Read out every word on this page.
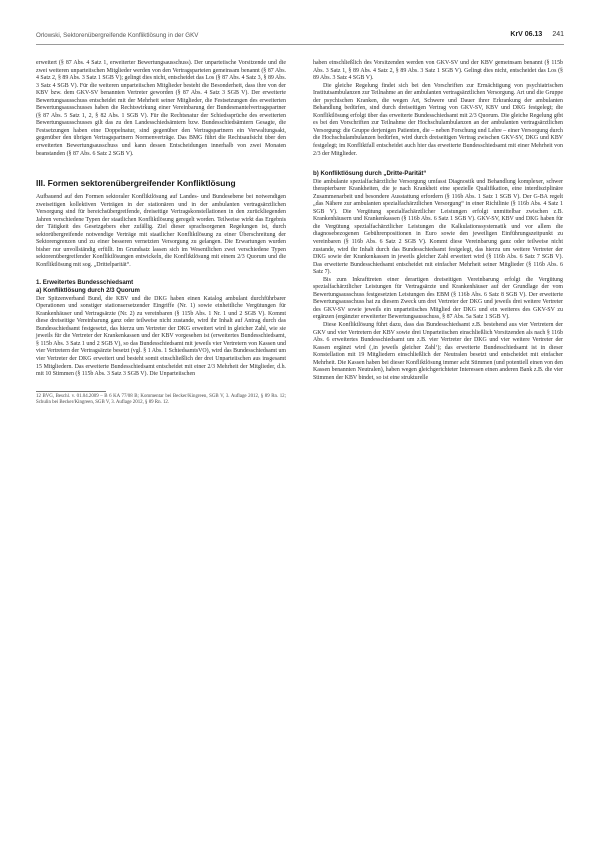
Orlowski, Sektorenübergreifende Konfliktlösung in der GKV	KrV 06.13 241

erweitert (§ 87 Abs. 4 Satz 1, erweiterter Bewertungsausschuss). Der unparteiische Vorsitzende und die zwei weiteren unparteiischen Mitglieder werden von den Vertragsparteien gemeinsam benannt (§ 87 Abs. 4 Satz 2, § 89 Abs. 3 Satz 1 SGB V); gelingt dies nicht, entscheidet das Los (§ 87 Abs. 4 Satz 3, § 89 Abs. 3 Satz 4 SGB V). Für die weiteren unparteiischen Mitglieder besteht die Besonderheit, dass ihre von der KBV bzw. dem GKV-SV benannten Vertreter geworden (§ 87 Abs. 4 Satz 3 SGB V). Der erweiterte Bewertungsausschuss entscheidet mit der Mehrheit seiner Mitglieder, die Festsetzungen des erweiterten Bewertungsausschusses haben die Rechtswirkung einer Vereinbarung der Bundesmantelvertragspartner (§ 87 Abs. 5 Satz 1, 2, § 82 Abs. 1 SGB V). Für die Rechtsnatur der Schiedssprüche des erweiterten Bewertungsausschusses gilt das zu den Landesschiedsämtern bzw. Bundesschiedsämtern Gesagte, die Festsetzungen haben eine Doppelnatur, sind gegenüber den Vertragspartnern ein Verwaltungsakt, gegenüber den übrigen Vertragspartnern Normenverträge. Das BMG führt die Rechtsaufsicht über den erweiterten Bewertungsausschuss und kann dessen Entscheidungen innerhalb von zwei Monaten beanstanden (§ 87 Abs. 6 Satz 2 SGB V).

III. Formen sektorenübergreifender Konfliktlösung

Aufbauend auf den Formen sektoraler Konfliktlösung auf Landes- und Bundesebene bei notwendigen zweiseitigen kollektiven Verträgen in der stationären und in der ambulanten vertragsärztlichen Versorgung sind für bereichsübergreifende, dreiseitige Vertragskonstellationen in den zurückliegenden Jahren verschiedene Typen der staatlichen Konfliktlösung geregelt worden. Teilweise wirkt das Ergebnis der Tätigkeit des Gesetzgebers eher zufällig. Ziel dieser sprachsorgenen Regelungen ist, durch sektorübergreifende notwendige Verträge mit staatlicher Konfliktlösung zu einer Überschreitung der Sektorengrenzen und zu einer besseren vernetzten Versorgung zu gelangen. Die Erwartungen wurden bisher nur unvollständig erfüllt. Im Grundsatz lassen sich im Wesentlichen zwei verschiedene Typen sektorenübergreifender Konfliktlösungen entwickeln, die Konfliktlösung mit einem 2/3 Quorum und die Konfliktlösung mit sog. „Drittelparität“.

1. Erweitertes Bundesschiedsamt

a) Konfliktlösung durch 2/3 Quorum

Der Spitzenverband Bund, die KBV und die DKG haben einen Katalog ambulant durchführbarer Operationen und sonstiger stationsersetzender Eingriffe (Nr. 1) sowie einheitliche Vergütungen für Krankenhäuser und Vertragsärzte (Nr. 2) zu vereinbaren (§ 115b Abs. 1 Nr. 1 und 2 SGB V). Kommt diese dreiseitige Vereinbarung ganz oder teilweise nicht zustande, wird ihr Inhalt auf Antrag durch das Bundesschiedsamt festgesetzt, das hierzu um Vertreter der DKG erweitert wird in gleicher Zahl, wie sie jeweils für die Vertreter der Krankenkassen und der KBV vorgesehen ist (erweitertes Bundesschiedsamt, § 115b Abs. 3 Satz 1 und 2 SGB V), so das Bundesschiedsamt mit jeweils vier Vertretern von Kassen und vier Vertretern der Vertragsärzte besetzt (vgl. § 1 Abs. 1 SchiedsamtsVO), wird das Bundesschiedsamt um vier Vertreter der DKG erweitert und besteht somit einschließlich der drei Unparteiischen aus insgesamt 15 Mitgliedern. Das erweiterte Bundesschiedsamt entscheidet mit einer 2/3 Mehrheit der Mitglieder, d.h. mit 10 Stimmen (§ 115b Abs. 3 Satz 3 SGB V). Die Unparteiischen

12 BVG, Beschl. v. 01.04.2009 – B 6 KA 77/08 B; Kommentar bei Becker/Kingreen, SGB V, 3. Auflage 2012, § 89 Rn. 12; Schulin bei Becker/Kingreen, SGB V, 3. Auflage 2012, § 89 Rn. 12.

haben einschließlich des Vorsitzenden werden von GKV-SV und der KBV gemeinsam benannt (§ 115b Abs. 3 Satz 1, § 89 Abs. 4 Satz 2, § 89 Abs. 3 Satz 1 SGB V). Gelingt dies nicht, entscheidet das Los (§ 89 Abs. 3 Satz 4 SGB V).

Die gleiche Regelung findet sich bei den Vorschriften zur Ermächtigung von psychiatrischen Institutsambulanzen zur Teilnahme an der ambulanten vertragsärztlichen Versorgung. Art und die Gruppe der psychischen Kranken, die wegen Art, Schwere und Dauer ihrer Erkrankung der ambulanten Behandlung bedürfen, sind durch dreiseitigen Vertrag von GKV-SV, KBV und DKG festgelegt; die Konfliktlösung erfolgt über das erweiterte Bundesschiedsamt mit 2/3 Quorum. Die gleiche Regelung gibt es bei den Vorschriften zur Teilnahme der Hochschulambulanzen an der ambulanten vertragsärztlichen Versorgung: die Gruppe derjenigen Patienten, die – neben Forschung und Lehre – einer Versorgung durch die Hochschulambulanzen bedürfen, wird durch dreiseitigen Vertrag zwischen GKV-SV, DKG und KBV festgelegt; im Konfliktfall entscheidet auch hier das erweiterte Bundesschiedsamt mit einer Mehrheit von 2/3 der Mitglieder.

b) Konfliktlösung durch „Dritte-Parität“

Die ambulante spezialfachärztliche Versorgung umfasst Diagnostik und Behandlung komplexer, schwer therapierbarer Krankheiten, die je nach Krankheit eine spezielle Qualifikation, eine interdisziplinäre Zusammenarbeit und besondere Ausstattung erfordern (§ 116b Abs. 1 Satz 1 SGB V). Der G-BA regelt „das Nähere zur ambulanten spezialfachärztlichen Versorgung“ in einer Richtlinie (§ 116b Abs. 4 Satz 1 SGB V). Die Vergütung spezialfachärztlicher Leistungen erfolgt unmittelbar zwischen z.B. Krankenhäusern und Krankenkassen (§ 116b Abs. 6 Satz 1 SGB V). GKV-SV, KBV und DKG haben für die Vergütung spezialfachärztlicher Leistungen die Kalkulationssystematik und vor allem die diagnosebezogenen Gebührenpositionen in Euro sowie den jeweiligen Einführungszeitpunkt zu vereinbaren (§ 116b Abs. 6 Satz 2 SGB V). Kommt diese Vereinbarung ganz oder teilweise nicht zustande, wird ihr Inhalt durch das Bundesschiedsamt festgelegt, das hierzu um weitere Vertreter der DKG sowie der Krankenkassen in jeweils gleicher Zahl erweitert wird (§ 116b Abs. 6 Satz 7 SGB V). Das erweiterte Bundesschiedsamt entscheidet mit einfacher Mehrheit seiner Mitglieder (§ 116b Abs. 6 Satz 7).

Bis zum Inkrafttreten einer derartigen dreiseitigen Vereinbarung erfolgt die Vergütung spezialfachärztlicher Leistungen für Vertragsärzte und Krankenhäuser auf der Grundlage der vom Bewertungsausschuss festgesetzten Leistungen des EBM (§ 116b Abs. 6 Satz 8 SGB V). Der erweiterte Bewertungsausschuss hat zu diesem Zweck um drei Vertreter der DKG und jeweils drei weitere Vertreter des GKV-SV sowie jeweils ein unparteiisches Mitglied der DKG und ein weiteres des GKV-SV zu ergänzen (ergänzter erweiterter Bewertungsausschuss, § 87 Abs. 5a Satz 1 SGB V).

Diese Konfliktlösung führt dazu, dass das Bundesschiedsamt z.B. bestehend aus vier Vertretern der GKV und vier Vertretern der KBV sowie drei Unparteiischen einschließlich Vorsitzenden als nach § 116b Abs. 6 erweitertes Bundesschiedsamt um z.B. vier Vertreter der DKG und vier weitere Vertreter der Kassen ergänzt wird (‚in jeweils gleicher Zahl‘); das erweiterte Bundesschiedsamt ist in dieser Konstellation mit 19 Mitgliedern einschließlich der Neutralen besetzt und entscheidet mit einfacher Mehrheit. Die Kassen haben bei dieser Konfliktlösung immer acht Stimmen (und potentiell einen von den Kassen benannten Neutralen), haben wegen gleichgerichteter Interessen einen anderen Bank z.B. die vier Stimmen der KBV bindet, so ist eine strukturelle
